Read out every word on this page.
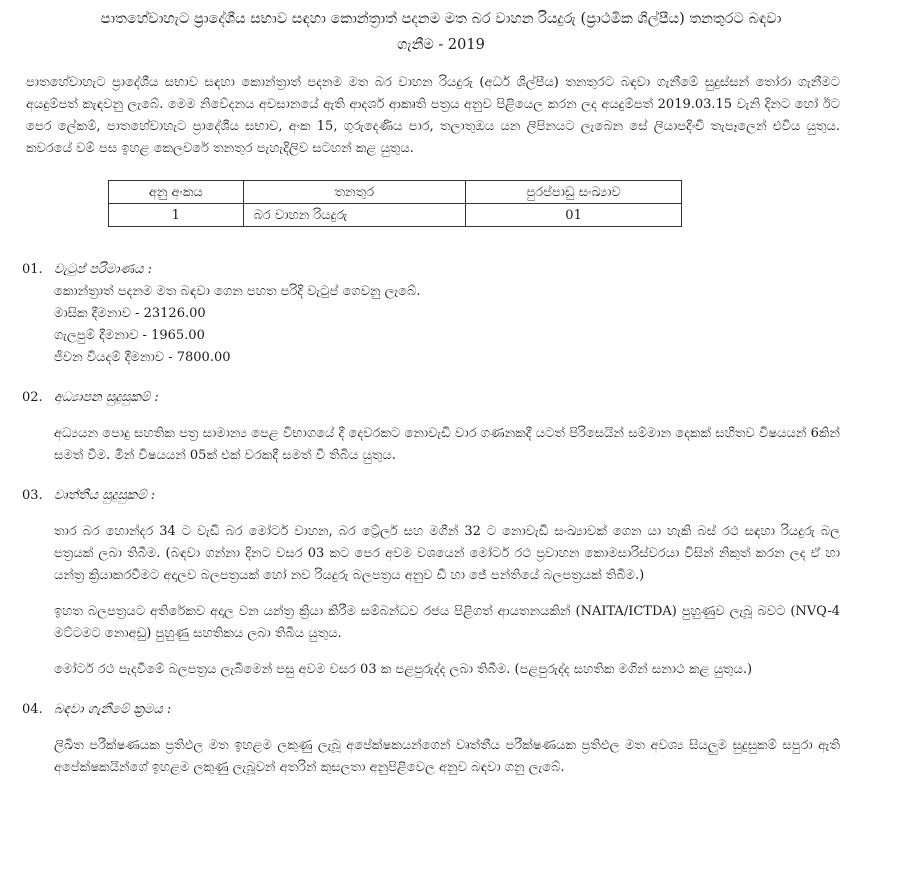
පාතහේවාහැට ප්‍රාදේශීය සභාව සඳහා කොන්ත්‍රාත් පදනම මත බර වාහන රියදුරු (ප්‍රාථමික ශිල්පීය) තනතුරට බඳවා
ගැනීම - 2019

පාතහේවාහැට ප්‍රාදේශීය සභාව සඳහා කොන්ත්‍රාත් පදනම මත බර වාහන රියදුරු (අර්ධ ශිල්පීය) තනතුරට බඳවා ගැනීමේ සුදුස්සන් තෝරා ගැනීමට අයදුම්පත් කැඳවනු ලැබේ. මෙම නිවේදනය අවසානයේ ඇති ආදර්ශ ආකෘති පත්‍රය අනුව පිළියෙල කරන ලද අයදුම්පත් 2019.03.15 වැනි දිනට හෝ ඊට පෙර ලේකම්, පාතහේවාහැට ප්‍රාදේශීය සභාව, අංක 15, ගුරුදෙණිය පාර, තලාතුඔය යන ලිපිනයට ලැබෙන සේ ලියාපදිංචි තැපෑලෙන් එවිය යුතුය. කවරයේ වම් පස ඉහළ කෙලවරේ තනතුර පැහැදිලිව සටහන් කළ යුතුය.

අනු අංකය	තනතුර	පුරප්පාඩු සංඛ්‍යාව
1	බර වාහන රියදුරු	01
01. වැටුප් පරිමාණය :

කොන්ත්‍රාත් පදනම මත බඳවා ගෙන පහත පරිදි වැටුප් ගෙවනු ලැබේ.

මාසික දීමනාව - 23126.00

ගැලපුම් දීමනාව - 1965.00

ජීවන වියදම් දීමනාව - 7800.00

02. අධ්‍යාපන සුදුසුකම් :

අධ්‍යයන පොදු සහතික පත්‍ර සාමාන්‍ය පෙළ විභාගයේ දී දෙවරකට නොවැඩි වාර ගණනකදී යටත් පිරිසෙයින් සම්මාන දෙකක් සහිතව විෂයයන් 6කින් සමත් වීම. මින් විෂයයන් 05ක් එක් වරකදී සමත් වී තිබිය යුතුය.

03. වෘත්තීය සුදුසුකම් :

තාර බර හොන්දර 34 ට වැඩි බර මෝටර් වාහන, බර ට්‍රේලර් සහ මගීන් 32 ට නොවැඩි සංඛ්‍යාවක් ගෙන යා හැකි බස් රථ සඳහා රියදුරු බල පත්‍රයක් ලබා තිබීම. (බඳවා ගන්නා දිනට වසර 03 කට පෙර අවම වශයෙන් මෝටර් රථ ප්‍රවාහන කොමසාරිස්වරයා විසින් නිකුත් කරන ලද ඒ හා යන්ත්‍ර ක්‍රියාකරවීමට අදාලව බලපත්‍රයක් හෝ නව රියදුරු බලපත්‍රය අනුව ඩී හා ජේ පන්තියේ බලපත්‍රයක් තිබීම.)

ඉහත බලපත්‍රයට අතිරේකව අදාල වන යන්ත්‍ර ක්‍රියා කිරීම සම්බන්ධව රජය පිළිගත් ආයතනයකින් (NAITA/ICTDA) පුහුණුව ලැබූ බවට (NVQ-4 මට්ටමට නොඅඩු) පුහුණු සහතිකය ලබා තිබිය යුතුය.

මෝටර් රථ පැදවීමේ බලපත්‍රය ලැබීමෙන් පසු අවම වසර 03 ක පළපුරුද්ද ලබා තිබීම. (පළපුරුද්ද සහතික මගින් සනාථ කළ යුතුය.)

04. බඳවා ගැනීමේ ක්‍රමය :

ලිඛිත පරීක්ෂණයක ප්‍රතිඵල මත ඉහළම ලකුණු ලැබූ අපේක්ෂකයන්ගෙන් වෘත්තීය පරීක්ෂණයක ප්‍රතිඵල මත අවශ්‍ය සියලුම සුදුසුකම් සපුරා ඇති අපේක්ෂකයින්ගේ ඉහළම ලකුණු ලැබූවන් අතරින් කුසලතා අනුපිළිවෙල අනුව බඳවා ගනු ලැබේ.
